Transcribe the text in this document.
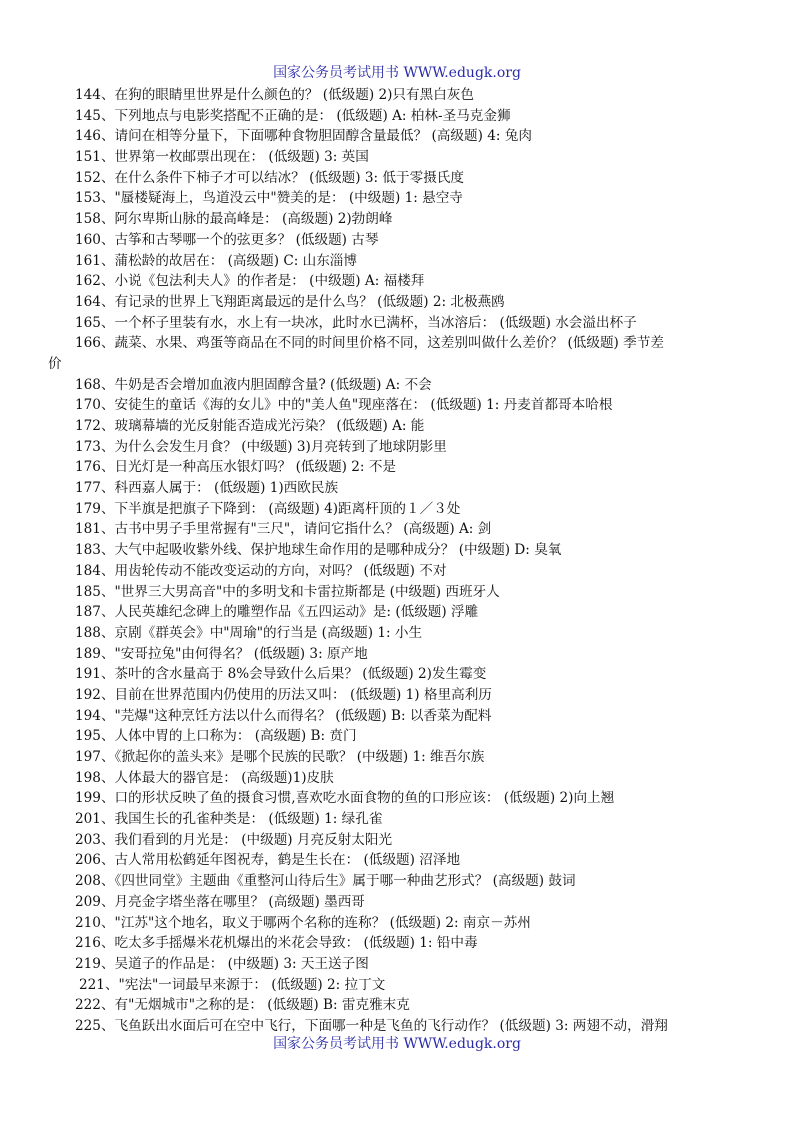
国家公务员考试用书 WWW.edugk.org
144、在狗的眼睛里世界是什么颜色的？ (低级题) 2)只有黑白灰色
145、下列地点与电影奖搭配不正确的是： (低级题) A: 柏林-圣马克金狮
146、请问在相等分量下，下面哪种食物胆固醇含量最低？ (高级题) 4: 兔肉
151、世界第一枚邮票出现在： (低级题) 3: 英国
152、在什么条件下柿子才可以结冰？ (低级题) 3: 低于零摄氏度
153、"蜃楼疑海上，鸟道没云中"赞美的是： (中级题) 1: 悬空寺
158、阿尔卑斯山脉的最高峰是： (高级题) 2)勃朗峰
160、古筝和古琴哪一个的弦更多？ (低级题) 古琴
161、蒲松龄的故居在： (高级题) C: 山东淄博
162、小说《包法利夫人》的作者是： (中级题) A: 福楼拜
164、有记录的世界上飞翔距离最远的是什么鸟？ (低级题) 2: 北极燕鸥
165、一个杯子里装有水，水上有一块冰，此时水已满杯，当冰溶后： (低级题) 水会溢出杯子
166、蔬菜、水果、鸡蛋等商品在不同的时间里价格不同，这差别叫做什么差价？ (低级题) 季节差
价
168、牛奶是否会增加血液内胆固醇含量? (低级题) A: 不会
170、安徒生的童话《海的女儿》中的"美人鱼"现座落在： (低级题) 1: 丹麦首都哥本哈根
172、玻璃幕墙的光反射能否造成光污染？ (低级题) A: 能
173、为什么会发生月食？ (中级题) 3)月亮转到了地球阴影里
176、日光灯是一种高压水银灯吗？ (低级题) 2: 不是
177、科西嘉人属于： (低级题) 1)西欧民族
179、下半旗是把旗子下降到： (高级题) 4)距离杆顶的１／３处
181、古书中男子手里常握有"三尺"，请问它指什么？ (高级题) A: 剑
183、大气中起吸收紫外线、保护地球生命作用的是哪种成分？ (中级题) D: 臭氧
184、用齿轮传动不能改变运动的方向，对吗？ (低级题) 不对
185、"世界三大男高音"中的多明戈和卡雷拉斯都是 (中级题) 西班牙人
187、人民英雄纪念碑上的雕塑作品《五四运动》是: (低级题) 浮雕
188、京剧《群英会》中"周瑜"的行当是 (高级题) 1: 小生
189、"安哥拉兔"由何得名？ (低级题) 3: 原产地
191、茶叶的含水量高于 8%会导致什么后果？ (低级题) 2)发生霉变
192、目前在世界范围内仍使用的历法又叫： (低级题) 1) 格里高利历
194、"芫爆"这种烹饪方法以什么而得名？ (低级题) B: 以香菜为配料
195、人体中胃的上口称为： (高级题) B: 贲门
197、《掀起你的盖头来》是哪个民族的民歌？ (中级题) 1: 维吾尔族
198、人体最大的器官是： (高级题)1)皮肤
199、口的形状反映了鱼的摄食习惯,喜欢吃水面食物的鱼的口形应该： (低级题) 2)向上翘
201、我国生长的孔雀种类是： (低级题) 1: 绿孔雀
203、我们看到的月光是： (中级题) 月亮反射太阳光
206、古人常用松鹤延年图祝寿，鹤是生长在： (低级题) 沼泽地
208、《四世同堂》主题曲《重整河山待后生》属于哪一种曲艺形式？ (高级题) 鼓词
209、月亮金字塔坐落在哪里？ (高级题) 墨西哥
210、"江苏"这个地名，取义于哪两个名称的连称？ (低级题) 2: 南京－苏州
216、吃太多手摇爆米花机爆出的米花会导致： (低级题) 1: 铅中毒
219、吴道子的作品是： (中级题) 3: 天王送子图
221、"宪法"一词最早来源于： (低级题) 2: 拉丁文
222、有"无烟城市"之称的是： (低级题) B: 雷克雅末克
225、飞鱼跃出水面后可在空中飞行，下面哪一种是飞鱼的飞行动作？ (低级题) 3: 两翅不动，滑翔
国家公务员考试用书 WWW.edugk.org
